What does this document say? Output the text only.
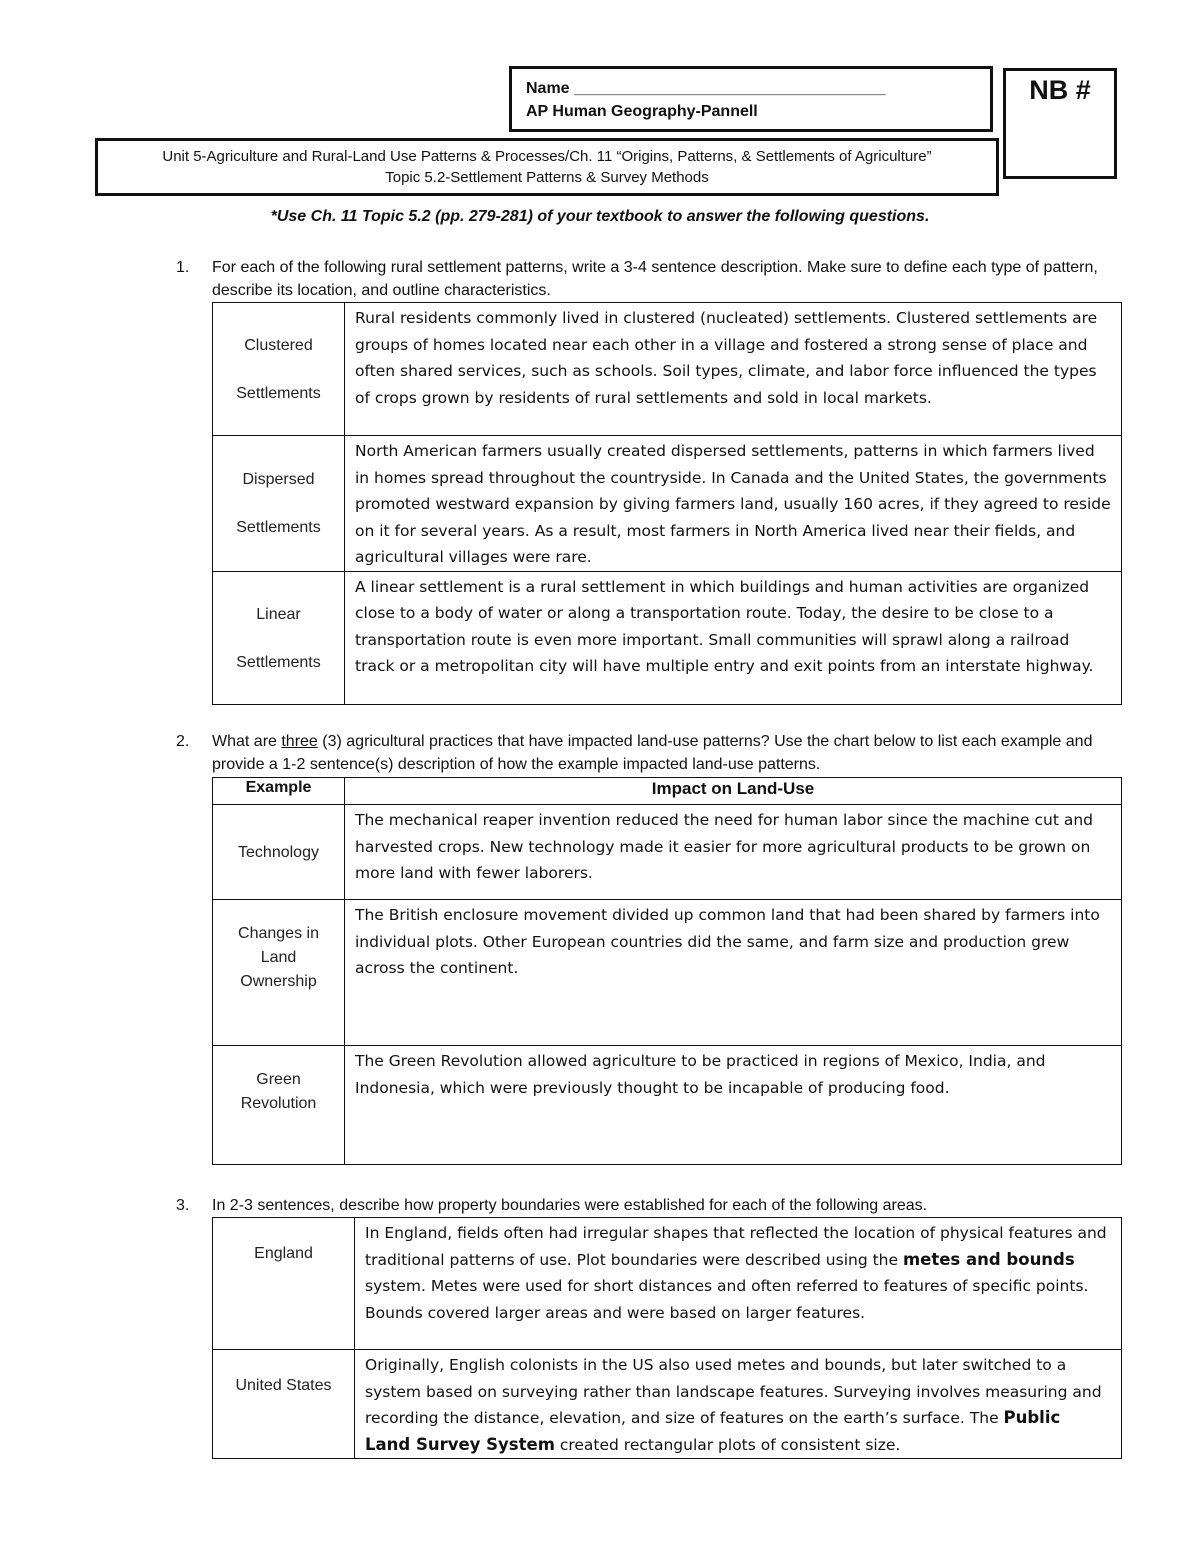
Name ___________________________________
AP Human Geography-Pannell
NB #
Unit 5-Agriculture and Rural-Land Use Patterns & Processes/Ch. 11 “Origins, Patterns, & Settlements of Agriculture”
Topic 5.2-Settlement Patterns & Survey Methods
*Use Ch. 11 Topic 5.2 (pp. 279-281) of your textbook to answer the following questions.
1. For each of the following rural settlement patterns, write a 3-4 sentence description. Make sure to define each type of pattern, describe its location, and outline characteristics.
Clustered
Settlements	Rural residents commonly lived in clustered (nucleated) settlements. Clustered settlements are groups of homes located near each other in a village and fostered a strong sense of place and often shared services, such as schools. Soil types, climate, and labor force influenced the types of crops grown by residents of rural settlements and sold in local markets.
Dispersed
Settlements	North American farmers usually created dispersed settlements, patterns in which farmers lived in homes spread throughout the countryside. In Canada and the United States, the governments promoted westward expansion by giving farmers land, usually 160 acres, if they agreed to reside on it for several years. As a result, most farmers in North America lived near their fields, and agricultural villages were rare.
Linear
Settlements	A linear settlement is a rural settlement in which buildings and human activities are organized close to a body of water or along a transportation route. Today, the desire to be close to a transportation route is even more important. Small communities will sprawl along a railroad track or a metropolitan city will have multiple entry and exit points from an interstate highway.
2. What are three (3) agricultural practices that have impacted land-use patterns? Use the chart below to list each example and provide a 1-2 sentence(s) description of how the example impacted land-use patterns.
Example	Impact on Land-Use
Technology	The mechanical reaper invention reduced the need for human labor since the machine cut and harvested crops. New technology made it easier for more agricultural products to be grown on more land with fewer laborers.
Changes in Land Ownership	The British enclosure movement divided up common land that had been shared by farmers into individual plots. Other European countries did the same, and farm size and production grew across the continent.
Green Revolution	The Green Revolution allowed agriculture to be practiced in regions of Mexico, India, and Indonesia, which were previously thought to be incapable of producing food.
3. In 2-3 sentences, describe how property boundaries were established for each of the following areas.
England	In England, fields often had irregular shapes that reflected the location of physical features and traditional patterns of use. Plot boundaries were described using the metes and bounds system. Metes were used for short distances and often referred to features of specific points. Bounds covered larger areas and were based on larger features.
United States	Originally, English colonists in the US also used metes and bounds, but later switched to a system based on surveying rather than landscape features. Surveying involves measuring and recording the distance, elevation, and size of features on the earth’s surface. The Public Land Survey System created rectangular plots of consistent size.
